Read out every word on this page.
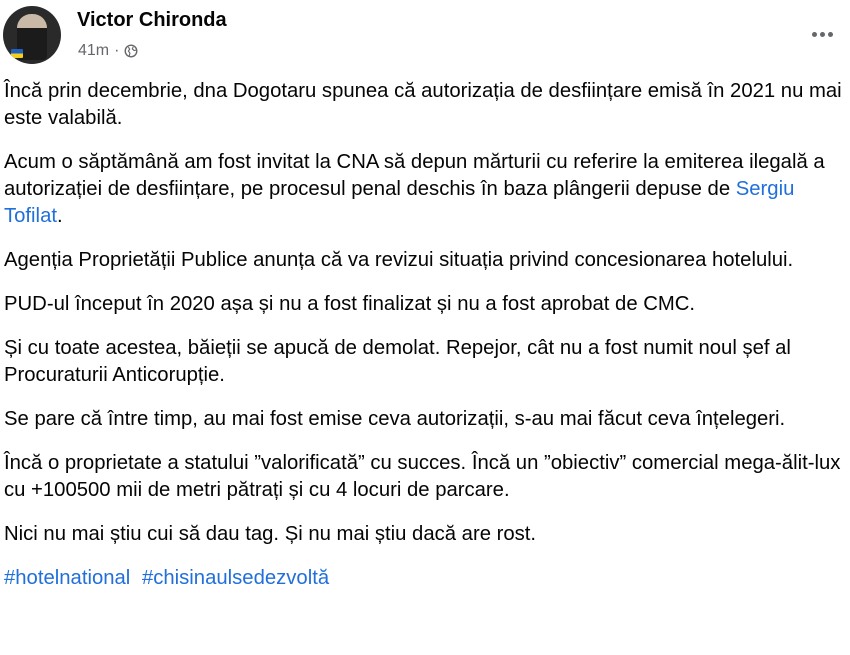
Victor Chironda
41m ·

Încă prin decembrie, dna Dogotaru spunea că autorizația de desființare emisă în 2021 nu mai este valabilă.

Acum o săptămână am fost invitat la CNA să depun mărturii cu referire la emiterea ilegală a autorizației de desființare, pe procesul penal deschis în baza plângerii depuse de Sergiu Tofilat.

Agenția Proprietății Publice anunța că va revizui situația privind concesionarea hotelului.

PUD-ul început în 2020 așa și nu a fost finalizat și nu a fost aprobat de CMC.

Și cu toate acestea, băieții se apucă de demolat. Repejor, cât nu a fost numit noul șef al Procuraturii Anticorupție.

Se pare că între timp, au mai fost emise ceva autorizații, s-au mai făcut ceva înțelegeri.

Încă o proprietate a statului ”valorificată” cu succes. Încă un ”obiectiv” comercial mega-ălit-lux cu +100500 mii de metri pătrați și cu 4 locuri de parcare.

Nici nu mai știu cui să dau tag. Și nu mai știu dacă are rost.

#hotelnational #chisinaulsedezvoltă
